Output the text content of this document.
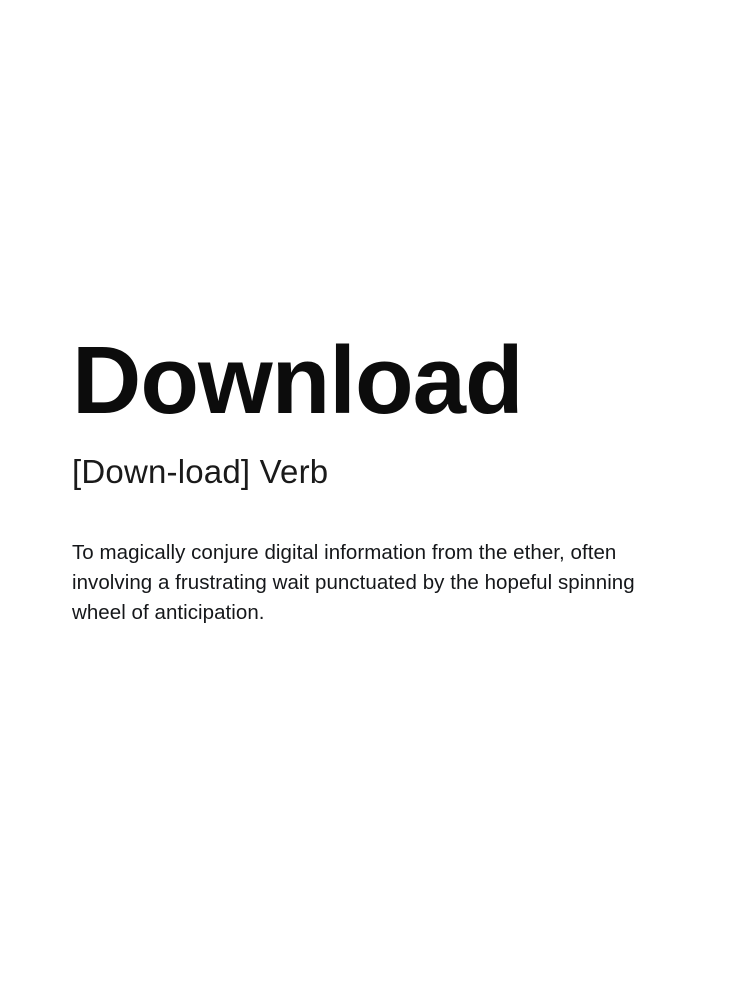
Download

[Down-load] Verb

To magically conjure digital information from the ether, often involving a frustrating wait punctuated by the hopeful spinning wheel of anticipation.
